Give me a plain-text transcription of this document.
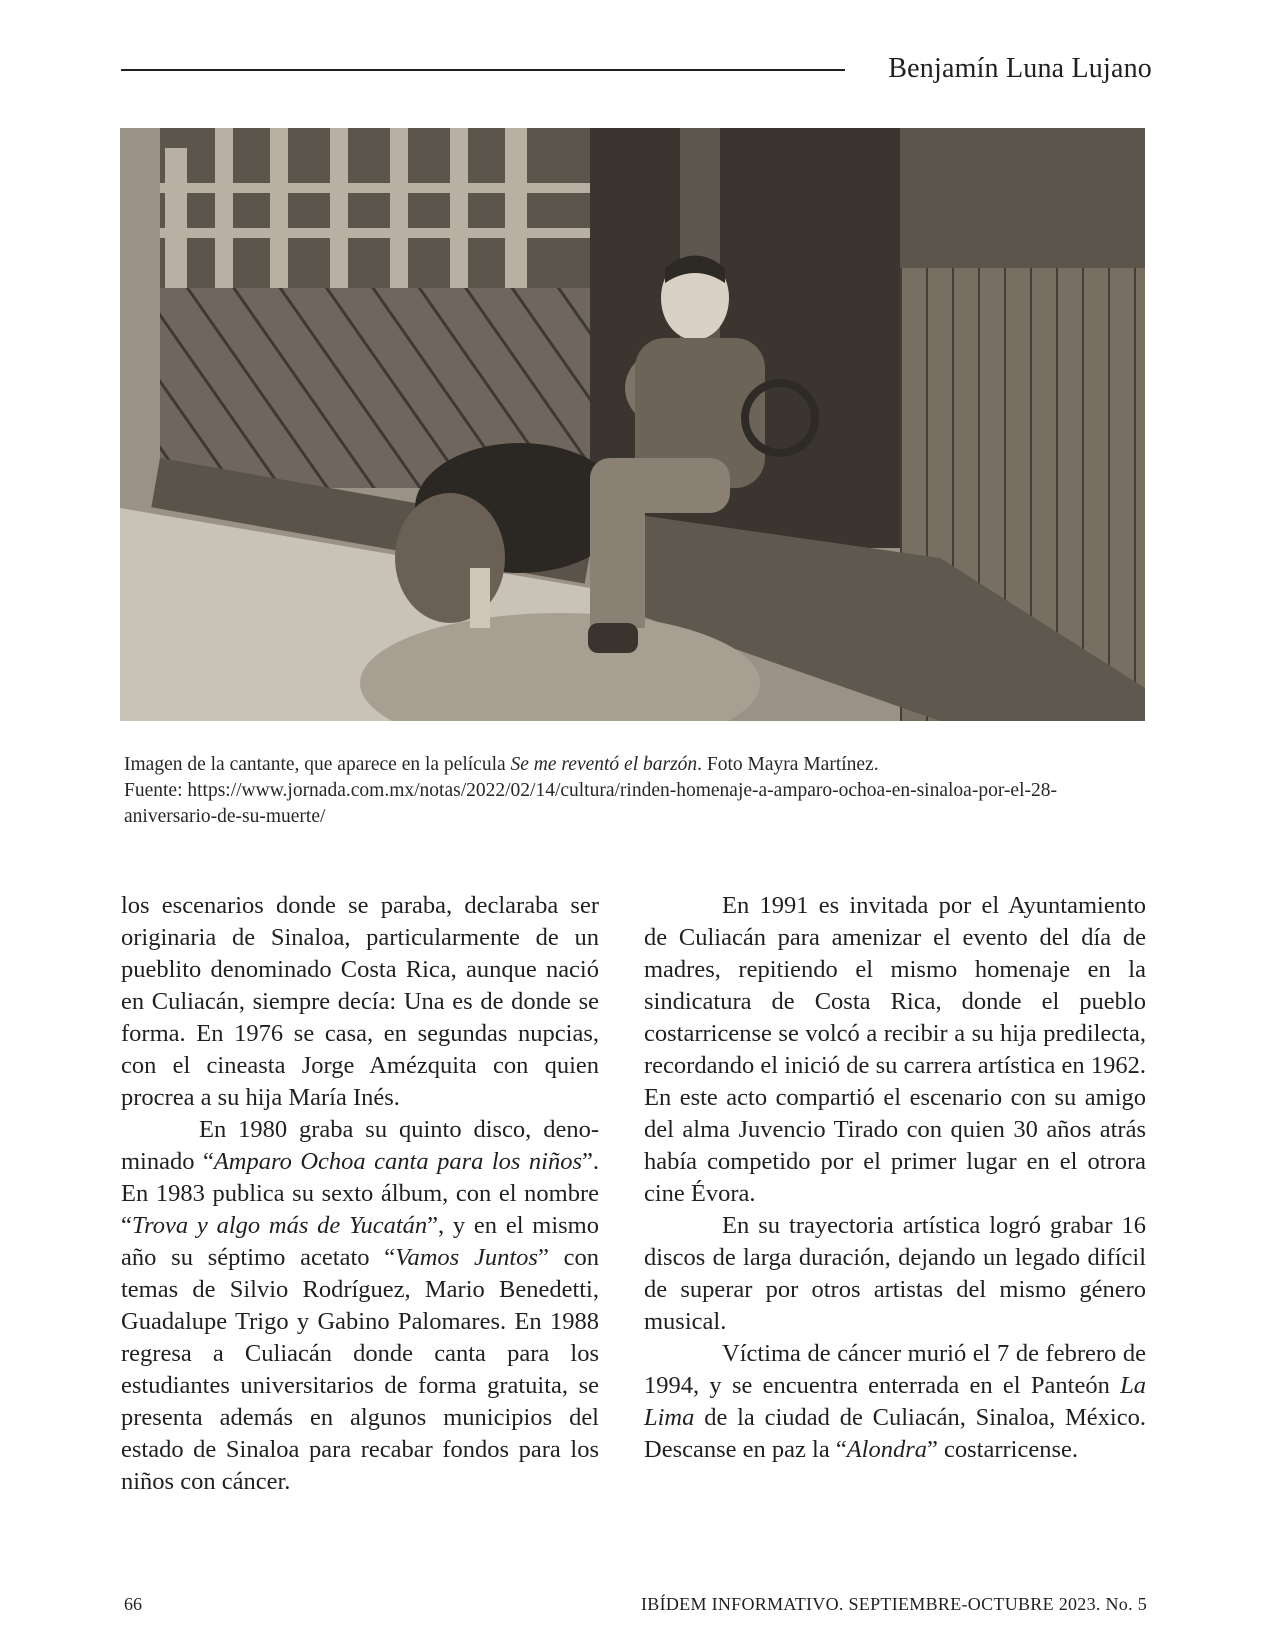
Benjamín Luna Lujano
Imagen de la cantante, que aparece en la película Se me reventó el barzón. Foto Mayra Martínez.
Fuente: https://www.jornada.com.mx/notas/2022/02/14/cultura/rinden-homenaje-a-amparo-ochoa-en-sinaloa-por-el-28-aniversario-de-su-muerte/

los escenarios donde se paraba, declaraba ser originaria de Sinaloa, particularmente de un pueblito denominado Costa Rica, aunque nació en Culiacán, siempre decía: Una es de donde se forma. En 1976 se casa, en segundas nupcias, con el cineasta Jorge Amézquita con quien procrea a su hija María Inés.

En 1980 graba su quinto disco, denominado “Amparo Ochoa canta para los niños”. En 1983 publica su sexto álbum, con el nombre “Trova y algo más de Yucatán”, y en el mismo año su séptimo acetato “Vamos Juntos” con temas de Silvio Rodríguez, Mario Benedetti, Guadalupe Trigo y Gabino Palomares. En 1988 regresa a Culiacán donde canta para los estudiantes universitarios de forma gratuita, se presenta además en algunos municipios del estado de Sinaloa para recabar fondos para los niños con cáncer.

En 1991 es invitada por el Ayuntamiento de Culiacán para amenizar el evento del día de madres, repitiendo el mismo homenaje en la sindicatura de Costa Rica, donde el pueblo costarricense se volcó a recibir a su hija predilecta, recordando el inició de su carrera artística en 1962. En este acto compartió el escenario con su amigo del alma Juvencio Tirado con quien 30 años atrás había competido por el primer lugar en el otrora cine Évora.

En su trayectoria artística logró grabar 16 discos de larga duración, dejando un legado difícil de superar por otros artistas del mismo género musical.

Víctima de cáncer murió el 7 de febrero de 1994, y se encuentra enterrada en el Panteón La Lima de la ciudad de Culiacán, Sinaloa, México. Descanse en paz la “Alondra” costarricense.

66	IBÍDEM INFORMATIVO. SEPTIEMBRE-OCTUBRE 2023. No. 5
